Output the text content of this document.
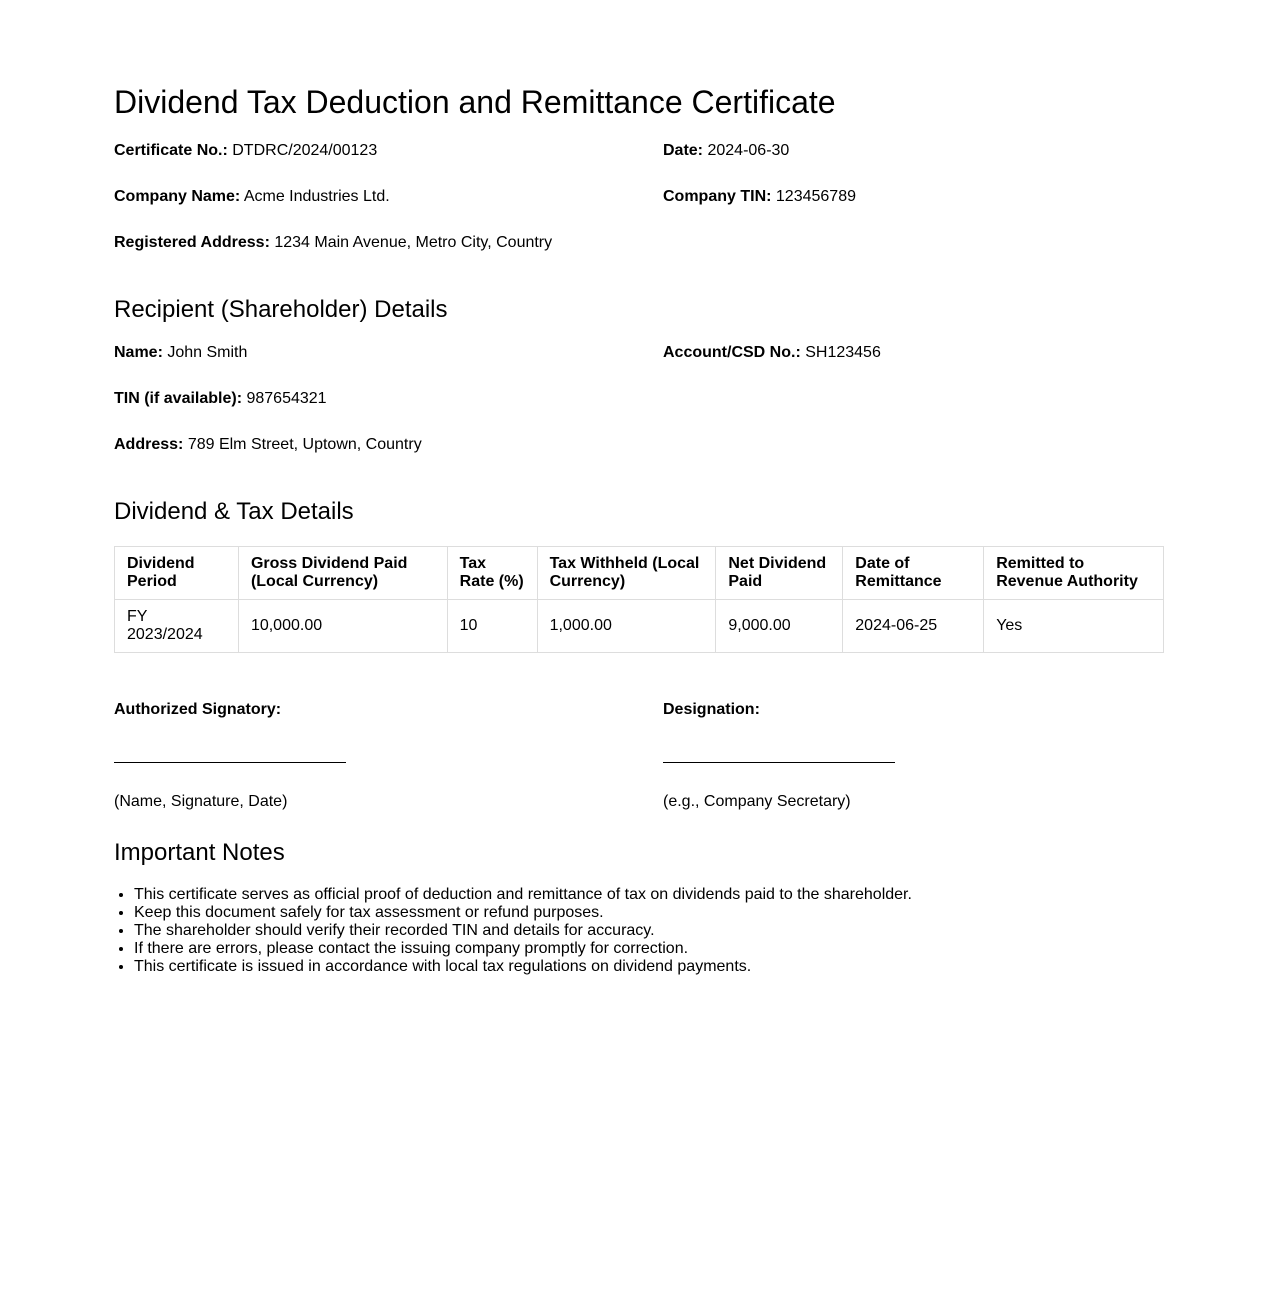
Dividend Tax Deduction and Remittance Certificate
Certificate No.: DTDRC/2024/00123	Date: 2024-06-30
Company Name: Acme Industries Ltd.	Company TIN: 123456789
Registered Address: 1234 Main Avenue, Metro City, Country
Recipient (Shareholder) Details
Name: John Smith	Account/CSD No.: SH123456
TIN (if available): 987654321
Address: 789 Elm Street, Uptown, Country
Dividend & Tax Details
Dividend Period	Gross Dividend Paid (Local Currency)	Tax Rate (%)	Tax Withheld (Local Currency)	Net Dividend Paid	Date of Remittance	Remitted to Revenue Authority
FY 2023/2024	10,000.00	10	1,000.00	9,000.00	2024-06-25	Yes
Authorized Signatory:	Designation:
(Name, Signature, Date)	(e.g., Company Secretary)
Important Notes
• This certificate serves as official proof of deduction and remittance of tax on dividends paid to the shareholder.
• Keep this document safely for tax assessment or refund purposes.
• The shareholder should verify their recorded TIN and details for accuracy.
• If there are errors, please contact the issuing company promptly for correction.
• This certificate is issued in accordance with local tax regulations on dividend payments.
